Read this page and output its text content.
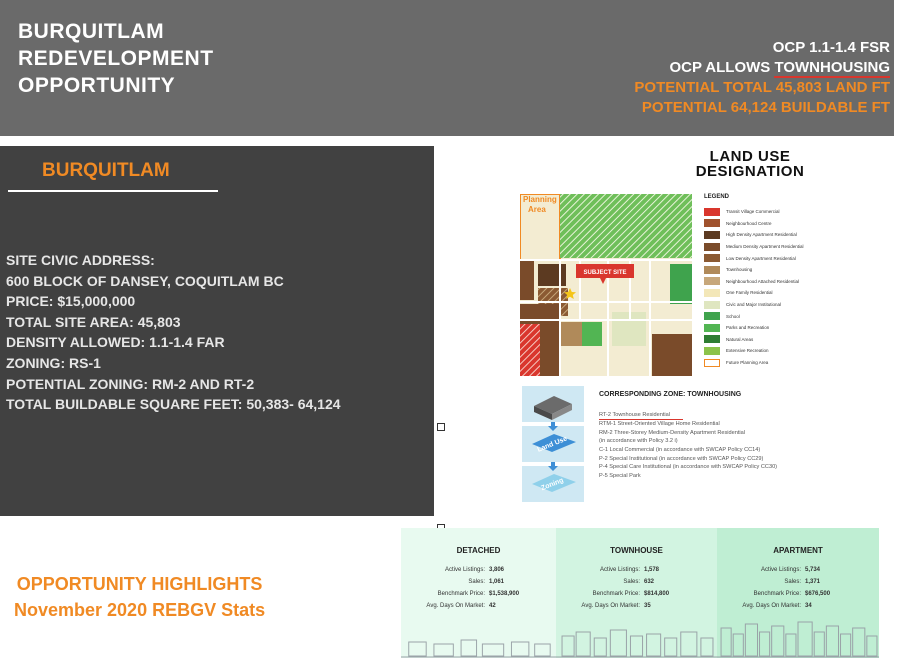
BURQUITLAM
REDEVELOPMENT
OPPORTUNITY
OCP 1.1-1.4 FSR
OCP ALLOWS TOWNHOUSING
POTENTIAL TOTAL 45,803 LAND FT
POTENTIAL 64,124 BUILDABLE FT
BURQUITLAM
SITE CIVIC ADDRESS:
600 BLOCK OF DANSEY, COQUITLAM BC
PRICE: $15,000,000
TOTAL SITE AREA: 45,803
DENSITY ALLOWED: 1.1-1.4 FAR
ZONING: RS-1
POTENTIAL ZONING: RM-2 AND RT-2
TOTAL BUILDABLE SQUARE FEET: 50,383- 64,124
OPPORTUNITY HIGHLIGHTS
November 2020 REBGV Stats
LAND USE
DESIGNATION
SUBJECT SITE
Planning
Area
LEGEND
Transit Village Commercial
Neighbourhood Centre
High Density Apartment Residential
Medium Density Apartment Residential
Low Density Apartment Residential
Townhousing
Neighbourhood Attached Residential
One Family Residential
Civic and Major Institutional
School
Parks and Recreation
Natural Areas
Extensive Recreation
Future Planning Area
Land Use
Zoning
CORRESPONDING ZONE: TOWNHOUSING
RT-2 Townhouse Residential
RTM-1 Street-Oriented Village Home Residential
RM-2 Three-Storey Medium-Density Apartment Residential
(in accordance with Policy 3.2 i)
C-1 Local Commercial (in accordance with SWCAP Policy CC14)
P-2 Special Institutional (in accordance with SWCAP Policy CC29)
P-4 Special Care Institutional (in accordance with SWCAP Policy CC30)
P-5 Special Park
DETACHED
Active Listings: 3,806
Sales: 1,061
Benchmark Price: $1,538,900
Avg. Days On Market: 42
TOWNHOUSE
Active Listings: 1,578
Sales: 632
Benchmark Price: $814,800
Avg. Days On Market: 35
APARTMENT
Active Listings: 5,734
Sales: 1,371
Benchmark Price: $676,500
Avg. Days On Market: 34
